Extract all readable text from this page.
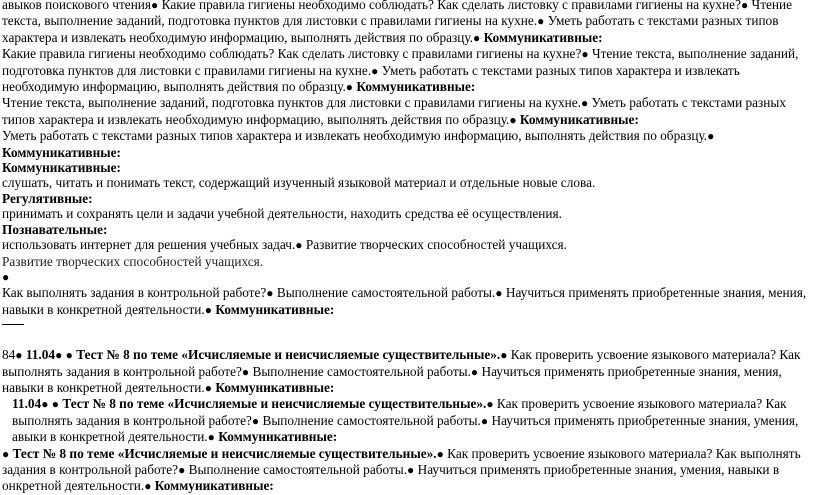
авыков поискового чтения● Какие правила гигиены необходимо соблюдать? Как сделать листовку с правилами гигиены на кухне?● Чтение текста, выполнение заданий, подготовка пунктов для листовки с правилами гигиены на кухне.● Уметь работать с текстами разных типов характера и извлекать необходимую информацию, выполнять действия по образцу.● Коммуникативные:

Какие правила гигиены необходимо соблюдать? Как сделать листовку с правилами гигиены на кухне?● Чтение текста, выполнение заданий, подготовка пунктов для листовки с правилами гигиены на кухне.● Уметь работать с текстами разных типов характера и извлекать необходимую информацию, выполнять действия по образцу.● Коммуникативные:

Чтение текста, выполнение заданий, подготовка пунктов для листовки с правилами гигиены на кухне.● Уметь работать с текстами разных типов характера и извлекать необходимую информацию, выполнять действия по образцу.● Коммуникативные:

Уметь работать с текстами разных типов характера и извлекать необходимую информацию, выполнять действия по образцу.● Коммуникативные:

Коммуникативные:

слушать, читать и понимать текст, содержащий изученный языковой материал и отдельные новые слова.

Регулятивные:

принимать и сохранять цели и задачи учебной деятельности, находить средства её осуществления.

Познавательные:

использовать интернет для решения учебных задач.● Развитие творческих способностей учащихся.

Развитие творческих способностей учащихся.

●

Как выполнять задания в контрольной работе?● Выполнение самостоятельной работы.● Научиться применять приобретенные знания, мения, навыки в конкретной деятельности.● Коммуникативные:

84● 11.04● ● Тест № 8 по теме «Исчисляемые и неисчисляемые существительные».● Как проверить усвоение языкового материала? Как выполнять задания в контрольной работе?● Выполнение самостоятельной работы.● Научиться применять приобретенные знания, мения, навыки в конкретной деятельности.● Коммуникативные:

11.04● ● Тест № 8 по теме «Исчисляемые и неисчисляемые существительные».● Как проверить усвоение языкового материала? Как выполнять задания в контрольной работе?● Выполнение самостоятельной работы.● Научиться применять приобретенные знания, умения, авыки в конкретной деятельности.● Коммуникативные:

● Тест № 8 по теме «Исчисляемые и неисчисляемые существительные».● Как проверить усвоение языкового материала? Как выполнять задания в контрольной работе?● Выполнение самостоятельной работы.● Научиться применять приобретенные знания, умения, навыки в онкретной деятельности.● Коммуникативные:
